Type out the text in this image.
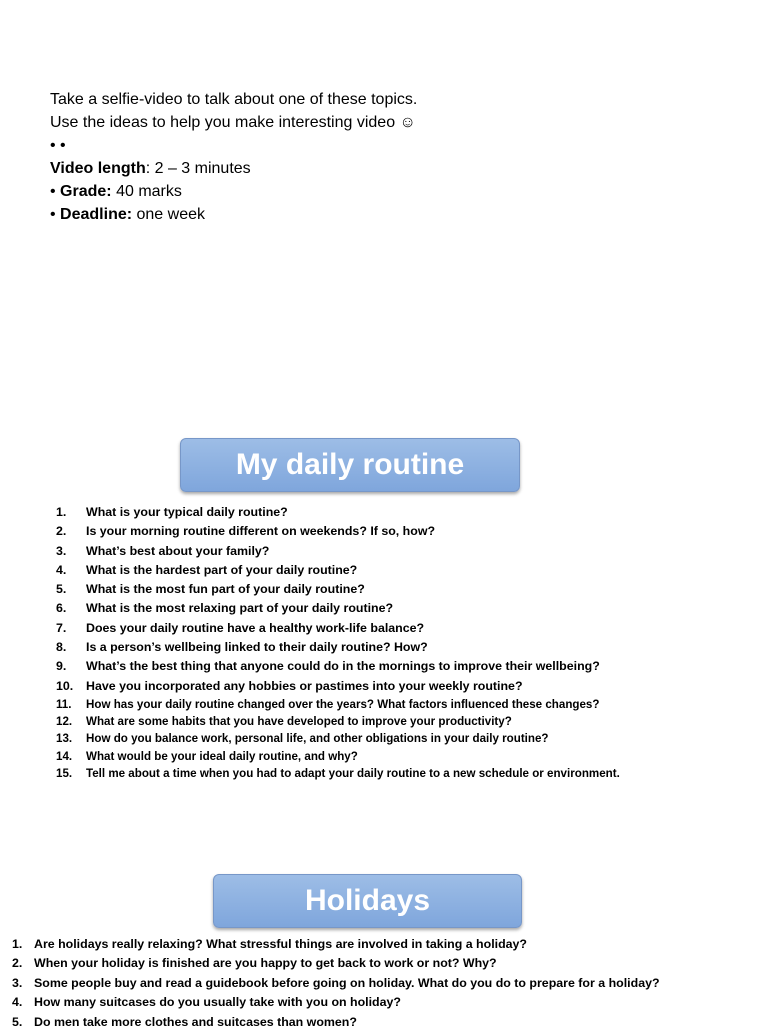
Take a selfie-video to talk about one of these topics.
Use the ideas to help you make interesting video ☺
• •
Video length: 2 – 3 minutes
• Grade: 40 marks
• Deadline: one week
My daily routine
1. What is your typical daily routine?
2. Is your morning routine different on weekends? If so, how?
3. What’s best about your family?
4. What is the hardest part of your daily routine?
5. What is the most fun part of your daily routine?
6. What is the most relaxing part of your daily routine?
7. Does your daily routine have a healthy work-life balance?
8. Is a person’s wellbeing linked to their daily routine? How?
9. What’s the best thing that anyone could do in the mornings to improve their wellbeing?
10. Have you incorporated any hobbies or pastimes into your weekly routine?
11. How has your daily routine changed over the years? What factors influenced these changes?
12. What are some habits that you have developed to improve your productivity?
13. How do you balance work, personal life, and other obligations in your daily routine?
14. What would be your ideal daily routine, and why?
15. Tell me about a time when you had to adapt your daily routine to a new schedule or environment.
Holidays
1. Are holidays really relaxing? What stressful things are involved in taking a holiday?
2. When your holiday is finished are you happy to get back to work or not? Why?
3. Some people buy and read a guidebook before going on holiday. What do you do to prepare for a holiday?
4. How many suitcases do you usually take with you on holiday?
5. Do men take more clothes and suitcases than women?
